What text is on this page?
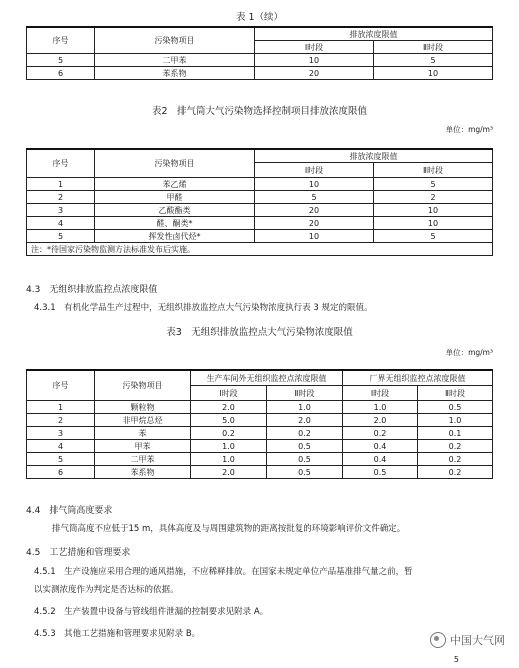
表 1（续）
序号	污染物项目	排放浓度限值	
		Ⅰ时段	Ⅱ时段
5	二甲苯	10	5
6	苯系物	20	10
表2　排气筒大气污染物选择控制项目排放浓度限值
单位：mg/m³
序号	污染物项目	排放浓度限值	
		Ⅰ时段	Ⅱ时段
1	苯乙烯	10	5
2	甲醛	5	2
3	乙酸酯类	20	10
4	醛、酮类*	20	10
5	挥发性卤代烃*	10	5
注：*待国家污染物监测方法标准发布后实施。			
4.3　无组织排放监控点浓度限值
4.3.1　有机化学品生产过程中，无组织排放监控点大气污染物浓度执行表 3 规定的限值。
表3　无组织排放监控点大气污染物浓度限值
单位：mg/m³
序号	污染物项目	生产车间外无组织监控点浓度限值		厂界无组织监控点浓度限值	
		Ⅰ时段	Ⅱ时段	Ⅰ时段	Ⅱ时段
1	颗粒物	2.0	1.0	1.0	0.5
2	非甲烷总烃	5.0	2.0	2.0	1.0
3	苯	0.2	0.2	0.2	0.1
4	甲苯	1.0	0.5	0.4	0.2
5	二甲苯	1.0	0.5	0.4	0.2
6	苯系物	2.0	0.5	0.5	0.2
4.4　排气筒高度要求
排气筒高度不应低于15 m，具体高度及与周围建筑物的距离按批复的环境影响评价文件确定。
4.5　工艺措施和管理要求
4.5.1　生产设施应采用合理的通风措施，不应稀释排放。在国家未规定单位产品基准排气量之前，暂
以实测浓度作为判定是否达标的依据。
4.5.2　生产装置中设备与管线组件泄漏的控制要求见附录 A。
4.5.3　其他工艺措施和管理要求见附录 B。	中国大气网
5
